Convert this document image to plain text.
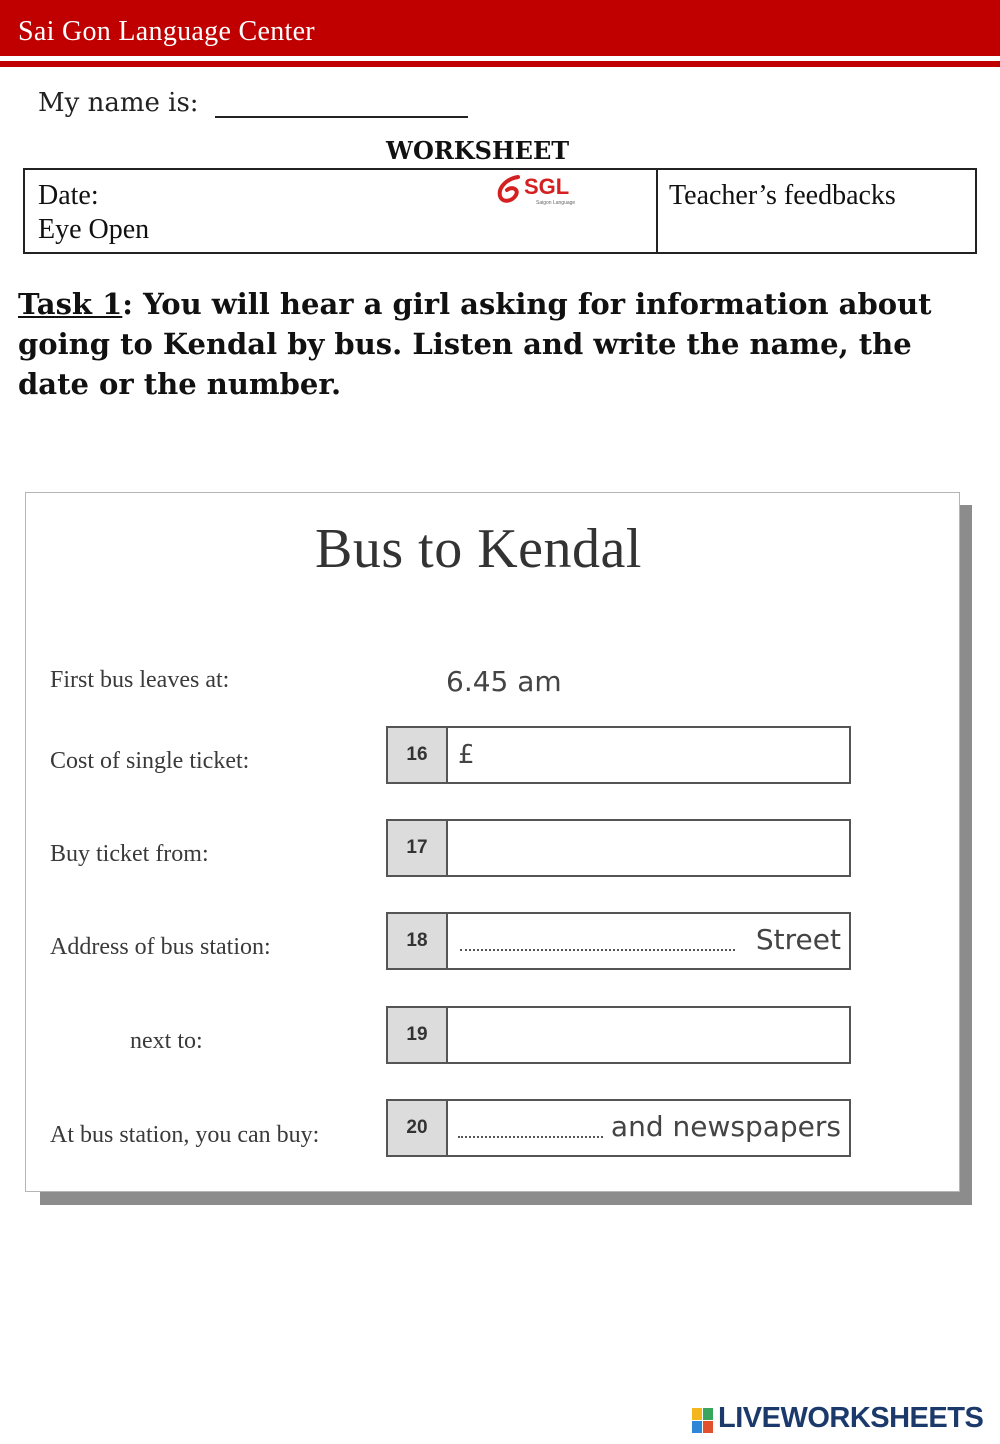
Sai Gon Language Center
My name is:
WORKSHEET
Date:
Eye Open
SGL
Saigon Language	Teacher’s feedbacks
Task 1: You will hear a girl asking for information about going to Kendal by bus. Listen and write the name, the date or the number.
Bus to Kendal
First bus leaves at:	6.45 am
Cost of single ticket:	16	£
Buy ticket from:	17
Address of bus station:	18	Street
next to:	19
At bus station, you can buy:	20	and newspapers
LIVEWORKSHEETS
